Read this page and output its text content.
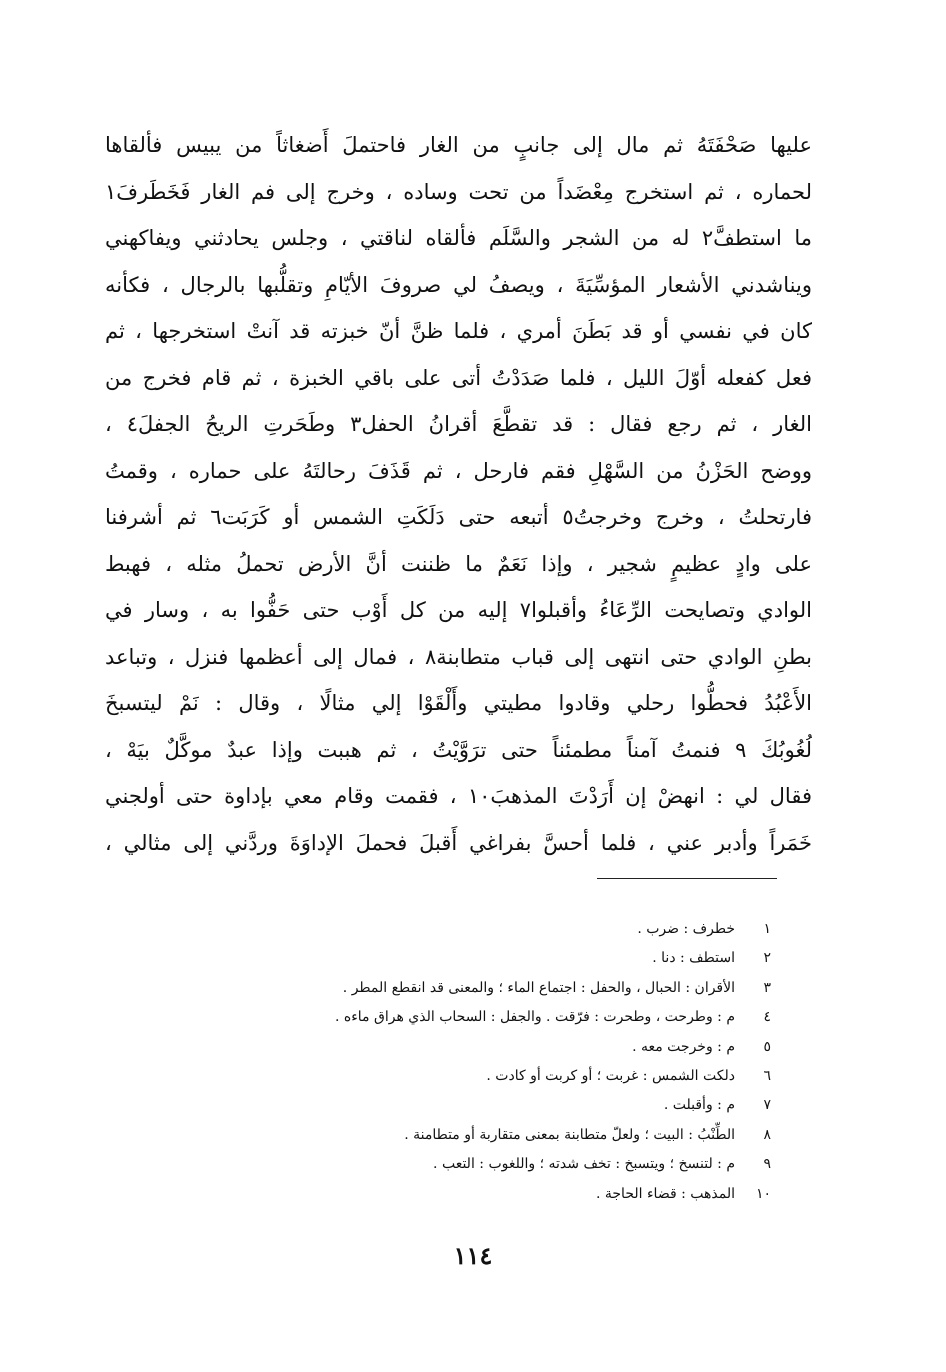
عليها صَحْفَتَهُ ثم مال إلى جانبٍ من الغار فاحتملَ أَضغاثاً من يبيس فألقاها
لحماره ، ثم استخرج مِعْضَداً من تحت وساده ، وخرج إلى فم الغار فَخَطَرفَ١
ما استطفَّ٢ له من الشجر والسَّلَم فألقاه لناقتي ، وجلس يحادثني ويفاكهني
ويناشدني الأشعار المؤسِّيَةَ ، ويصفُ لي صروفَ الأيّامِ وتقلُّبها بالرجال ، فكأنه
كان في نفسي أو قد بَطَنَ أمري ، فلما ظنَّ أنّ خبزته قد آنتْ استخرجها ، ثم
فعل كفعله أوّلَ الليل ، فلما صَدَدْتُ أتى على باقي الخبزة ، ثم قام فخرج من
الغار ، ثم رجع فقال : قد تقطَّعَ أقرانُ الحفل٣ وطَحَرتِ الريحُ الجفلَ٤ ،
ووضح الحَزْنُ من السَّهْلِ فقم فارحل ، ثم قَذَفَ رحالتَهُ على حماره ، وقمتُ
فارتحلتُ ، وخرج وخرجتُ٥ أتبعه حتى دَلَكَتِ الشمس أو كَرَبَت٦ ثم أشرفنا
على وادٍ عظيمٍ شجير ، وإذا نَعَمٌ ما ظننت أنَّ الأرض تحملُ مثله ، فهبط
الوادي وتصايحت الرِّعَاءُ وأقبلوا٧ إليه من كل أَوْب حتى حَفُّوا به ، وسار في
بطنِ الوادي حتى انتهى إلى قباب متطابنة٨ ، فمال إلى أعظمها فنزل ، وتباعد
الأَعْبُدُ فحطُّوا رحلي وقادوا مطيتي وأَلْقَوْا إلي مثالًا ، وقال : نَمْ ليتسبخَ
لُغُوبُكَ ٩ فنمتُ آمناً مطمئناً حتى ترَوَّيْتُ ، ثم هببت وإذا عبدٌ موكَّلٌ بيَهْ ،
فقال لي : انهضْ إن أَرَدْتَ المذهبَ١٠ ، فقمت وقام معي بإداوة حتى أولجني
خَمَراً وأدبر عني ، فلما أحسَّ بفراغي أَقبلَ فحملَ الإداوَةَ وردَّني إلى مثالي ،
١
خطرف : ضرب .
٢
استطف : دنا .
٣
الأقران : الحبال ، والحفل : اجتماع الماء ؛ والمعنى قد انقطع المطر .
٤
م : وطرحت ، وطحرت : فرّقت . والجفل : السحاب الذي هراق ماءه .
٥
م : وخرجت معه .
٦
دلكت الشمس : غربت ؛ أو كربت أو كادت .
٧
م : وأقبلت .
٨
الطِّنْبُ : البيت ؛ ولعلّ متطابنة بمعنى متقاربة أو متطامنة .
٩
م : لتنسخ ؛ ويتسبخ : تخف شدته ؛ واللغوب : التعب .
١٠
المذهب : قضاء الحاجة .
١١٤
